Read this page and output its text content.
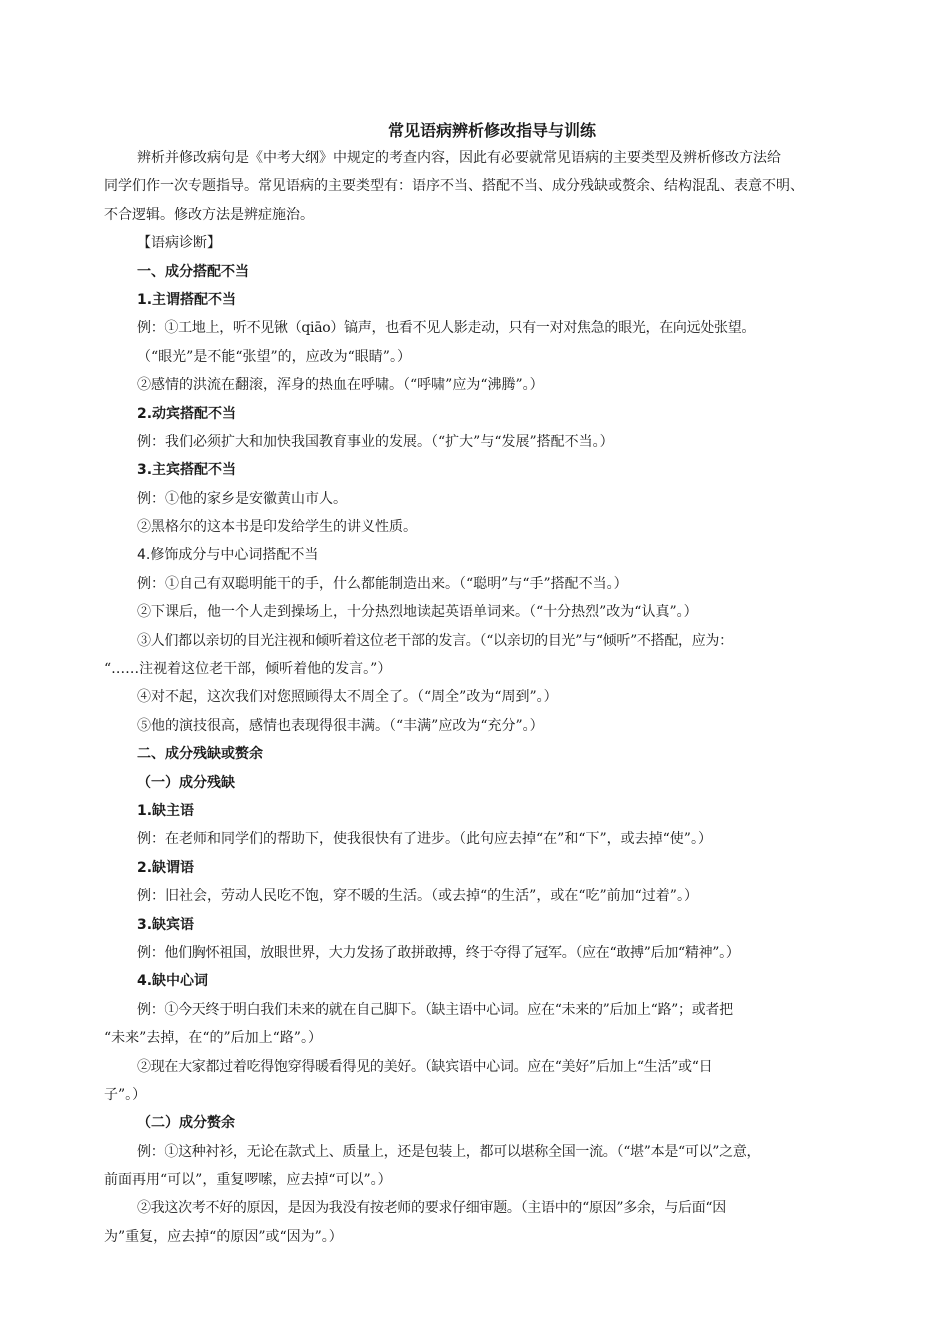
常见语病辨析修改指导与训练
辨析并修改病句是《中考大纲》中规定的考查内容，因此有必要就常见语病的主要类型及辨析修改方法给
同学们作一次专题指导。常见语病的主要类型有：语序不当、搭配不当、成分残缺或赘余、结构混乱、表意不明、
不合逻辑。修改方法是辨症施治。
【语病诊断】
一、成分搭配不当
1.主谓搭配不当
例：①工地上，听不见锹（qiāo）镐声，也看不见人影走动，只有一对对焦急的眼光，在向远处张望。
（“眼光”是不能“张望”的，应改为“眼睛”。）
②感情的洪流在翻滚，浑身的热血在呼啸。（“呼啸”应为“沸腾”。）
2.动宾搭配不当
例：我们必须扩大和加快我国教育事业的发展。（“扩大”与“发展”搭配不当。）
3.主宾搭配不当
例：①他的家乡是安徽黄山市人。
②黑格尔的这本书是印发给学生的讲义性质。
4.修饰成分与中心词搭配不当
例：①自己有双聪明能干的手，什么都能制造出来。（“聪明”与“手”搭配不当。）
②下课后，他一个人走到操场上，十分热烈地读起英语单词来。（“十分热烈”改为“认真”。）
③人们都以亲切的目光注视和倾听着这位老干部的发言。（“以亲切的目光”与“倾听”不搭配，应为：
“……注视着这位老干部，倾听着他的发言。”）
④对不起，这次我们对您照顾得太不周全了。（“周全”改为“周到”。）
⑤他的演技很高，感情也表现得很丰满。（“丰满”应改为“充分”。）
二、成分残缺或赘余
（一）成分残缺
1.缺主语
例：在老师和同学们的帮助下，使我很快有了进步。（此句应去掉“在”和“下”，或去掉“使”。）
2.缺谓语
例：旧社会，劳动人民吃不饱，穿不暖的生活。（或去掉“的生活”，或在“吃”前加“过着”。）
3.缺宾语
例：他们胸怀祖国，放眼世界，大力发扬了敢拼敢搏，终于夺得了冠军。（应在“敢搏”后加“精神”。）
4.缺中心词
例：①今天终于明白我们未来的就在自己脚下。（缺主语中心词。应在“未来的”后加上“路”；或者把
“未来”去掉，在“的”后加上“路”。）
②现在大家都过着吃得饱穿得暖看得见的美好。（缺宾语中心词。应在“美好”后加上“生活”或“日
子”。）
（二）成分赘余
例：①这种衬衫，无论在款式上、质量上，还是包装上，都可以堪称全国一流。（“堪”本是“可以”之意，
前面再用“可以”，重复啰嗦，应去掉“可以”。）
②我这次考不好的原因，是因为我没有按老师的要求仔细审题。（主语中的“原因”多余，与后面“因
为”重复，应去掉“的原因”或“因为”。）
